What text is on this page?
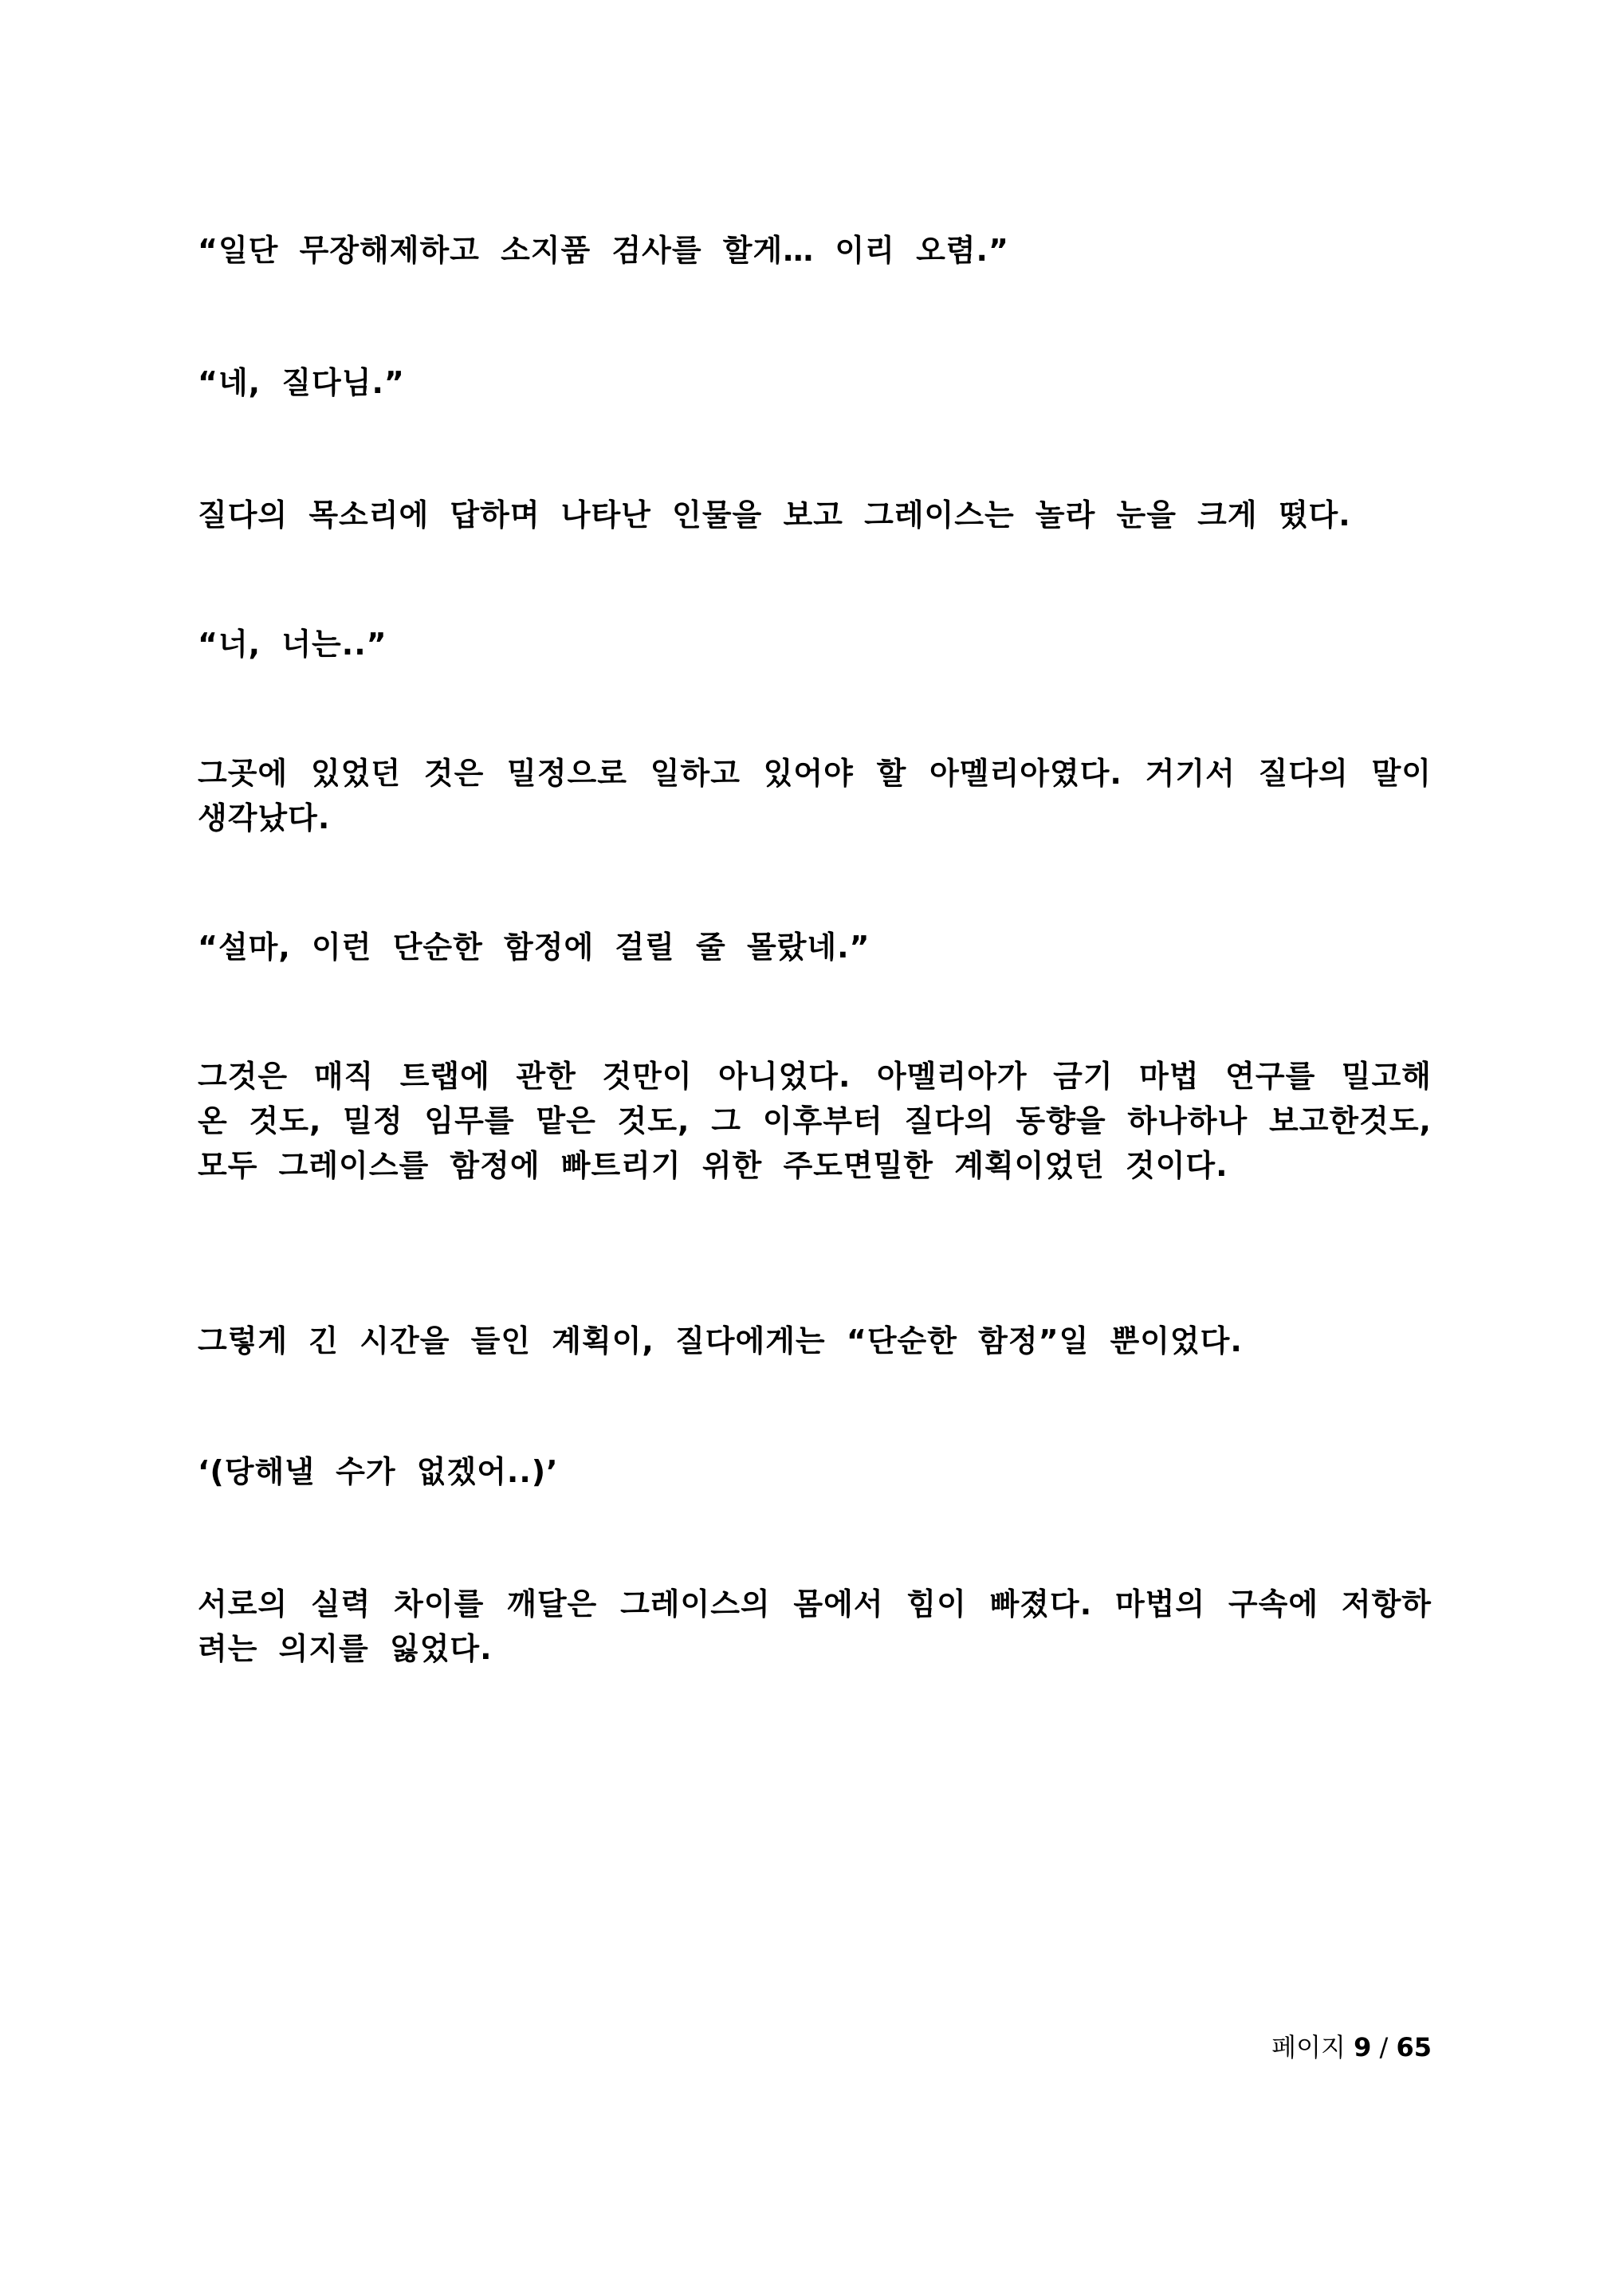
“일단 무장해제하고 소지품 검사를 할게… 이리 오렴.”

“네, 질다님.”

질다의 목소리에 답하며 나타난 인물을 보고 그레이스는 놀라 눈을 크게 떴다.

“너, 너는..”

그곳에 있었던 것은 밀정으로 일하고 있어야 할 아멜리아였다. 거기서 질다의 말이 생각났다.

“설마, 이런 단순한 함정에 걸릴 줄 몰랐네.”

그것은 매직 트랩에 관한 것만이 아니었다. 아멜리아가 금기 마법 연구를 밀고해 온 것도, 밀정 임무를 맡은 것도, 그 이후부터 질다의 동향을 하나하나 보고한것도, 모두 그레이스를 함정에 빠트리기 위한 주도면밀한 계획이었던 것이다.

그렇게 긴 시간을 들인 계획이, 질다에게는 “단순한 함정”일 뿐이었다.

‘(당해낼 수가 없겠어..)’

서로의 실력 차이를 깨달은 그레이스의 몸에서 힘이 빠졌다. 마법의 구속에 저항하려는 의지를 잃었다.

페이지 9 / 65
